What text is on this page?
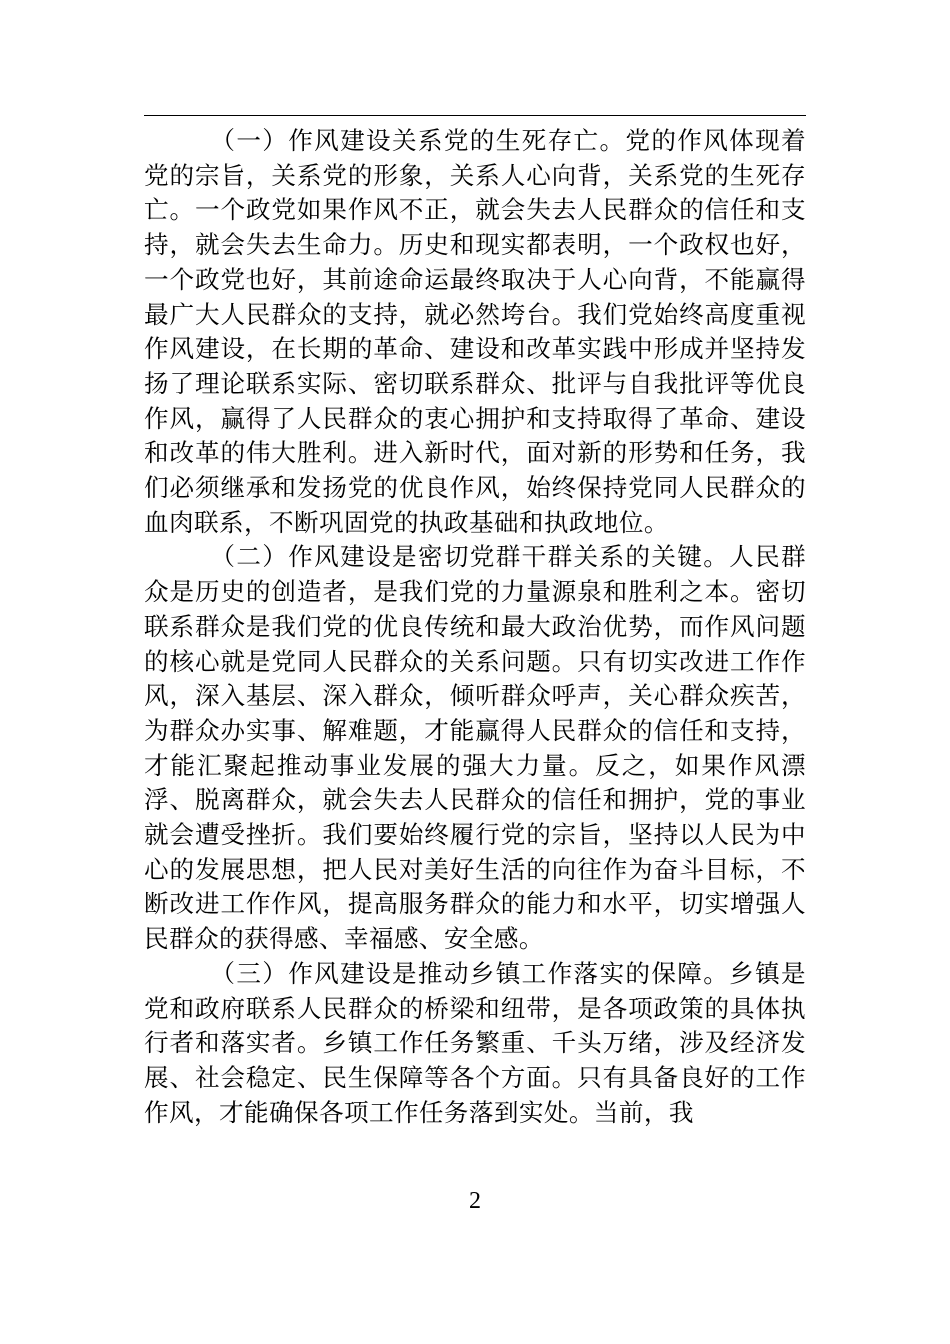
（一）作风建设关系党的生死存亡。党的作风体现着党的宗旨，关系党的形象，关系人心向背，关系党的生死存亡。一个政党如果作风不正，就会失去人民群众的信任和支持，就会失去生命力。历史和现实都表明，一个政权也好，一个政党也好，其前途命运最终取决于人心向背，不能赢得最广大人民群众的支持，就必然垮台。我们党始终高度重视作风建设，在长期的革命、建设和改革实践中形成并坚持发扬了理论联系实际、密切联系群众、批评与自我批评等优良作风，赢得了人民群众的衷心拥护和支持取得了革命、建设和改革的伟大胜利。进入新时代，面对新的形势和任务，我们必须继承和发扬党的优良作风，始终保持党同人民群众的血肉联系，不断巩固党的执政基础和执政地位。

（二）作风建设是密切党群干群关系的关键。人民群众是历史的创造者，是我们党的力量源泉和胜利之本。密切联系群众是我们党的优良传统和最大政治优势，而作风问题的核心就是党同人民群众的关系问题。只有切实改进工作作风，深入基层、深入群众，倾听群众呼声，关心群众疾苦，为群众办实事、解难题，才能赢得人民群众的信任和支持，才能汇聚起推动事业发展的强大力量。反之，如果作风漂浮、脱离群众，就会失去人民群众的信任和拥护，党的事业就会遭受挫折。我们要始终履行党的宗旨，坚持以人民为中心的发展思想，把人民对美好生活的向往作为奋斗目标，不断改进工作作风，提高服务群众的能力和水平，切实增强人民群众的获得感、幸福感、安全感。

（三）作风建设是推动乡镇工作落实的保障。乡镇是党和政府联系人民群众的桥梁和纽带，是各项政策的具体执行者和落实者。乡镇工作任务繁重、千头万绪，涉及经济发展、社会稳定、民生保障等各个方面。只有具备良好的工作作风，才能确保各项工作任务落到实处。当前，我

2
